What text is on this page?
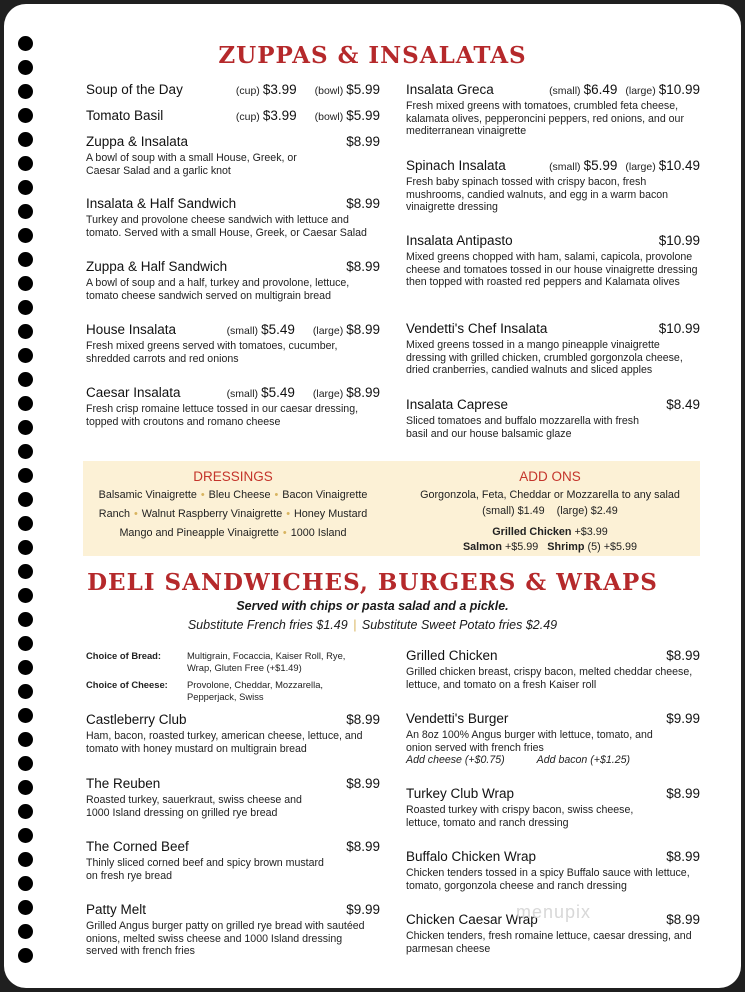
ZUPPAS & INSALATAS
Soup of the Day	(cup) $3.99 (bowl) $5.99
Tomato Basil	(cup) $3.99 (bowl) $5.99
Zuppa & Insalata	$8.99
A bowl of soup with a small House, Greek, or Caesar Salad and a garlic knot
Insalata & Half Sandwich	$8.99
Turkey and provolone cheese sandwich with lettuce and tomato. Served with a small House, Greek, or Caesar Salad
Zuppa & Half Sandwich	$8.99
A bowl of soup and a half, turkey and provolone, lettuce, tomato cheese sandwich served on multigrain bread
House Insalata	(small) $5.49 (large) $8.99
Fresh mixed greens served with tomatoes, cucumber, shredded carrots and red onions
Caesar Insalata	(small) $5.49 (large) $8.99
Fresh crisp romaine lettuce tossed in our caesar dressing, topped with croutons and romano cheese
Insalata Greca	(small) $6.49 (large) $10.99
Fresh mixed greens with tomatoes, crumbled feta cheese, kalamata olives, pepperoncini peppers, red onions, and our mediterranean vinaigrette
Spinach Insalata	(small) $5.99 (large) $10.49
Fresh baby spinach tossed with crispy bacon, fresh mushrooms, candied walnuts, and egg in a warm bacon vinaigrette dressing
Insalata Antipasto	$10.99
Mixed greens chopped with ham, salami, capicola, provolone cheese and tomatoes tossed in our house vinaigrette dressing then topped with roasted red peppers and Kalamata olives
Vendetti's Chef Insalata	$10.99
Mixed greens tossed in a mango pineapple vinaigrette dressing with grilled chicken, crumbled gorgonzola cheese, dried cranberries, candied walnuts and sliced apples
Insalata Caprese	$8.49
Sliced tomatoes and buffalo mozzarella with fresh basil and our house balsamic glaze
DRESSINGS
Balsamic Vinaigrette • Bleu Cheese • Bacon Vinaigrette
Ranch • Walnut Raspberry Vinaigrette • Honey Mustard
Mango and Pineapple Vinaigrette • 1000 Island
ADD ONS
Gorgonzola, Feta, Cheddar or Mozzarella to any salad
(small) $1.49 (large) $2.49
Grilled Chicken +$3.99
Salmon +$5.99 Shrimp (5) +$5.99
DELI SANDWICHES, BURGERS & WRAPS
Served with chips or pasta salad and a pickle.
Substitute French fries $1.49 | Substitute Sweet Potato fries $2.49
Choice of Bread:	Multigrain, Focaccia, Kaiser Roll, Rye, Wrap, Gluten Free (+$1.49)
Choice of Cheese: Provolone, Cheddar, Mozzarella, Pepperjack, Swiss
Castleberry Club	$8.99
Ham, bacon, roasted turkey, american cheese, lettuce, and tomato with honey mustard on multigrain bread
The Reuben	$8.99
Roasted turkey, sauerkraut, swiss cheese and 1000 Island dressing on grilled rye bread
The Corned Beef	$8.99
Thinly sliced corned beef and spicy brown mustard on fresh rye bread
Patty Melt	$9.99
Grilled Angus burger patty on grilled rye bread with sautéed onions, melted swiss cheese and 1000 Island dressing served with french fries
Grilled Chicken	$8.99
Grilled chicken breast, crispy bacon, melted cheddar cheese, lettuce, and tomato on a fresh Kaiser roll
Vendetti's Burger	$9.99
An 8oz 100% Angus burger with lettuce, tomato, and onion served with french fries
Add cheese (+$0.75)	Add bacon (+$1.25)
Turkey Club Wrap	$8.99
Roasted turkey with crispy bacon, swiss cheese, lettuce, tomato and ranch dressing
Buffalo Chicken Wrap	$8.99
Chicken tenders tossed in a spicy Buffalo sauce with lettuce, tomato, gorgonzola cheese and ranch dressing
Chicken Caesar Wrap	$8.99
Chicken tenders, fresh romaine lettuce, caesar dressing, and parmesan cheese
menupix
